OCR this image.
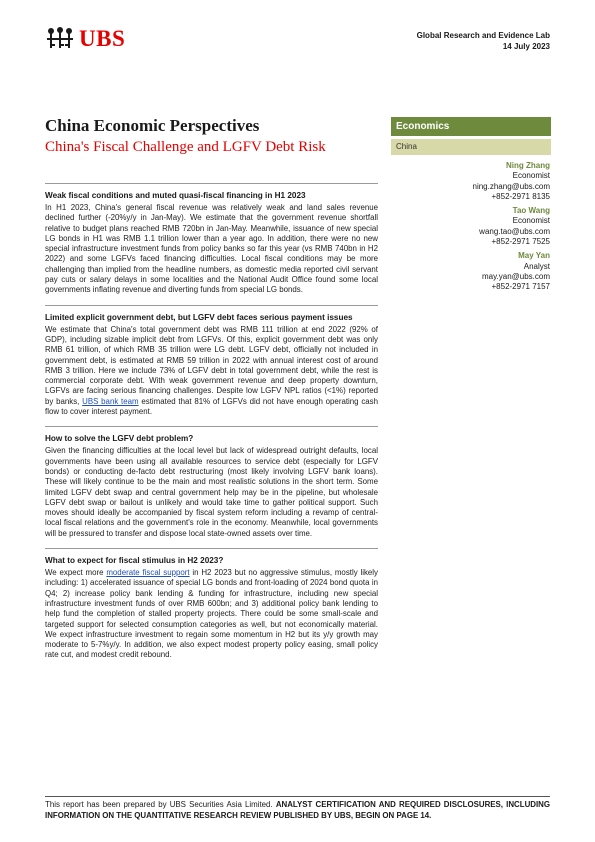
UBS	Global Research and Evidence Lab
14 July 2023
China Economic Perspectives
China's Fiscal Challenge and LGFV Debt Risk
Economics
China
Ning Zhang
Economist
ning.zhang@ubs.com
+852-2971 8135
Tao Wang
Economist
wang.tao@ubs.com
+852-2971 7525
May Yan
Analyst
may.yan@ubs.com
+852-2971 7157
Weak fiscal conditions and muted quasi-fiscal financing in H1 2023

In H1 2023, China's general fiscal revenue was relatively weak and land sales revenue declined further (-20%y/y in Jan-May). We estimate that the government revenue shortfall relative to budget plans reached RMB 720bn in Jan-May. Meanwhile, issuance of new special LG bonds in H1 was RMB 1.1 trillion lower than a year ago. In addition, there were no new special infrastructure investment funds from policy banks so far this year (vs RMB 740bn in H2 2022) and some LGFVs faced financing difficulties. Local fiscal conditions may be more challenging than implied from the headline numbers, as domestic media reported civil servant pay cuts or salary delays in some localities and the National Audit Office found some local governments inflating revenue and diverting funds from special LG bonds.

Limited explicit government debt, but LGFV debt faces serious payment issues

We estimate that China's total government debt was RMB 111 trillion at end 2022 (92% of GDP), including sizable implicit debt from LGFVs. Of this, explicit government debt was only RMB 61 trillion, of which RMB 35 trillion were LG debt. LGFV debt, officially not included in government debt, is estimated at RMB 59 trillion in 2022 with annual interest cost of around RMB 3 trillion. Here we include 73% of LGFV debt in total government debt, while the rest is commercial corporate debt. With weak government revenue and deep property downturn, LGFVs are facing serious financing challenges. Despite low LGFV NPL ratios (<1%) reported by banks, UBS bank team estimated that 81% of LGFVs did not have enough operating cash flow to cover interest payment.

How to solve the LGFV debt problem?

Given the financing difficulties at the local level but lack of widespread outright defaults, local governments have been using all available resources to service debt (especially for LGFV bonds) or conducting de-facto debt restructuring (most likely involving LGFV bank loans). These will likely continue to be the main and most realistic solutions in the short term. Some limited LGFV debt swap and central government help may be in the pipeline, but wholesale LGFV debt swap or bailout is unlikely and would take time to gather political support. Such moves should ideally be accompanied by fiscal system reform including a revamp of central-local fiscal relations and the government's role in the economy. Meanwhile, local governments will be pressured to transfer and dispose local state-owned assets over time.

What to expect for fiscal stimulus in H2 2023?

We expect more moderate fiscal support in H2 2023 but no aggressive stimulus, mostly likely including: 1) accelerated issuance of special LG bonds and front-loading of 2024 bond quota in Q4; 2) increase policy bank lending & funding for infrastructure, including new special infrastructure investment funds of over RMB 600bn; and 3) additional policy bank lending to help fund the completion of stalled property projects. There could be some small-scale and targeted support for selected consumption categories as well, but not economically material. We expect infrastructure investment to regain some momentum in H2 but its y/y growth may moderate to 5-7%y/y. In addition, we also expect modest property policy easing, small policy rate cut, and modest credit rebound.

This report has been prepared by UBS Securities Asia Limited. ANALYST CERTIFICATION AND REQUIRED DISCLOSURES, INCLUDING INFORMATION ON THE QUANTITATIVE RESEARCH REVIEW PUBLISHED BY UBS, BEGIN ON PAGE 14.
